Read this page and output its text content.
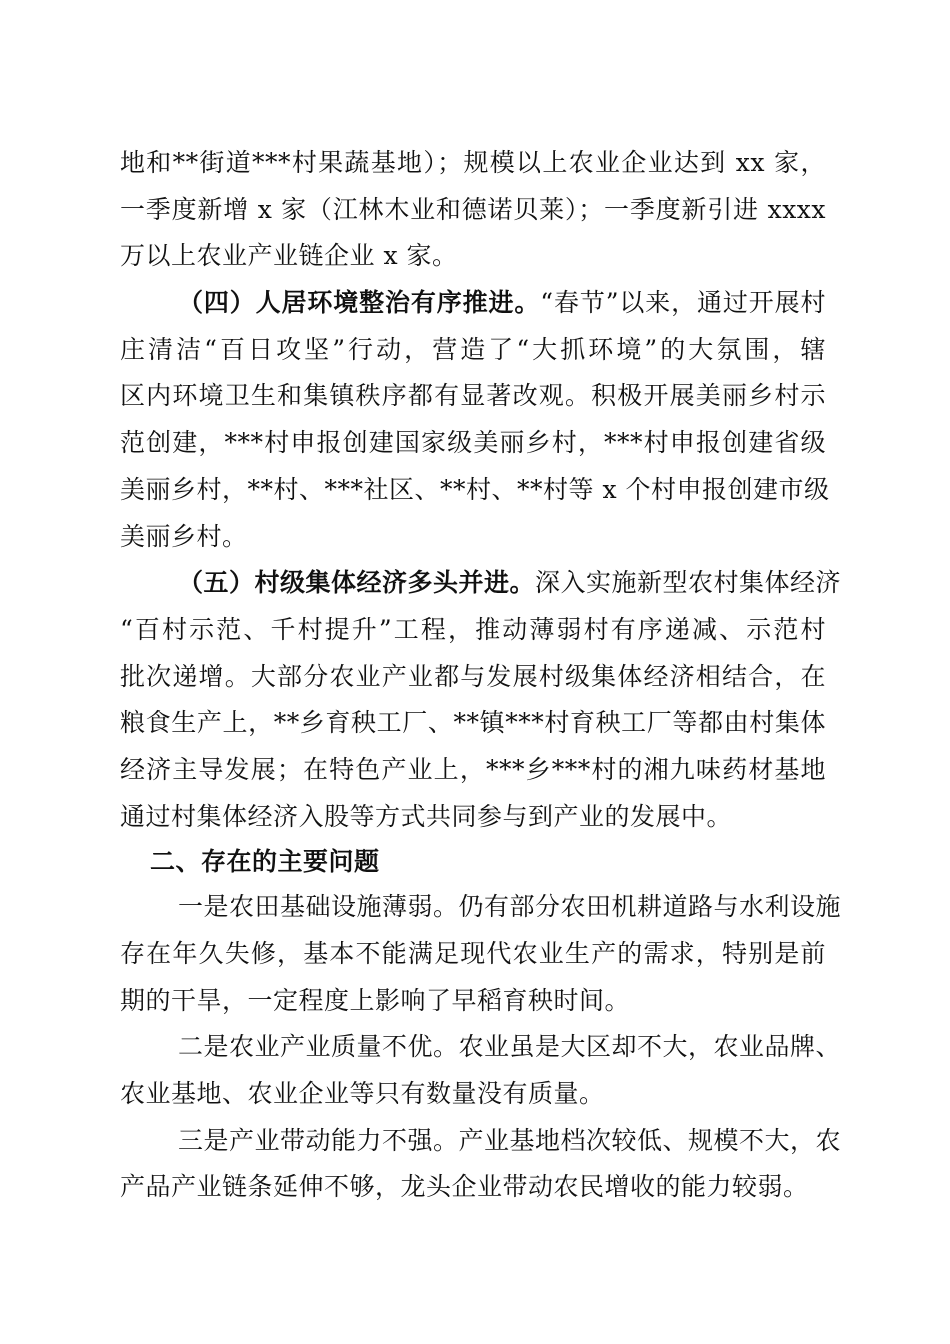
地和**街道***村果蔬基地）；规模以上农业企业达到 xx 家，
一季度新增 x 家（江林木业和德诺贝莱）；一季度新引进 xxxx
万以上农业产业链企业 x 家。
（四）人居环境整治有序推进。“春节”以来，通过开展村
庄清洁“百日攻坚”行动，营造了“大抓环境”的大氛围，辖
区内环境卫生和集镇秩序都有显著改观。积极开展美丽乡村示
范创建，***村申报创建国家级美丽乡村，***村申报创建省级
美丽乡村，**村、***社区、**村、**村等 x 个村申报创建市级
美丽乡村。
（五）村级集体经济多头并进。深入实施新型农村集体经济
“百村示范、千村提升”工程，推动薄弱村有序递减、示范村
批次递增。大部分农业产业都与发展村级集体经济相结合，在
粮食生产上，**乡育秧工厂、**镇***村育秧工厂等都由村集体
经济主导发展；在特色产业上，***乡***村的湘九味药材基地
通过村集体经济入股等方式共同参与到产业的发展中。
二、存在的主要问题
一是农田基础设施薄弱。仍有部分农田机耕道路与水利设施
存在年久失修，基本不能满足现代农业生产的需求，特别是前
期的干旱，一定程度上影响了早稻育秧时间。
二是农业产业质量不优。农业虽是大区却不大，农业品牌、
农业基地、农业企业等只有数量没有质量。
三是产业带动能力不强。产业基地档次较低、规模不大，农
产品产业链条延伸不够，龙头企业带动农民增收的能力较弱。
